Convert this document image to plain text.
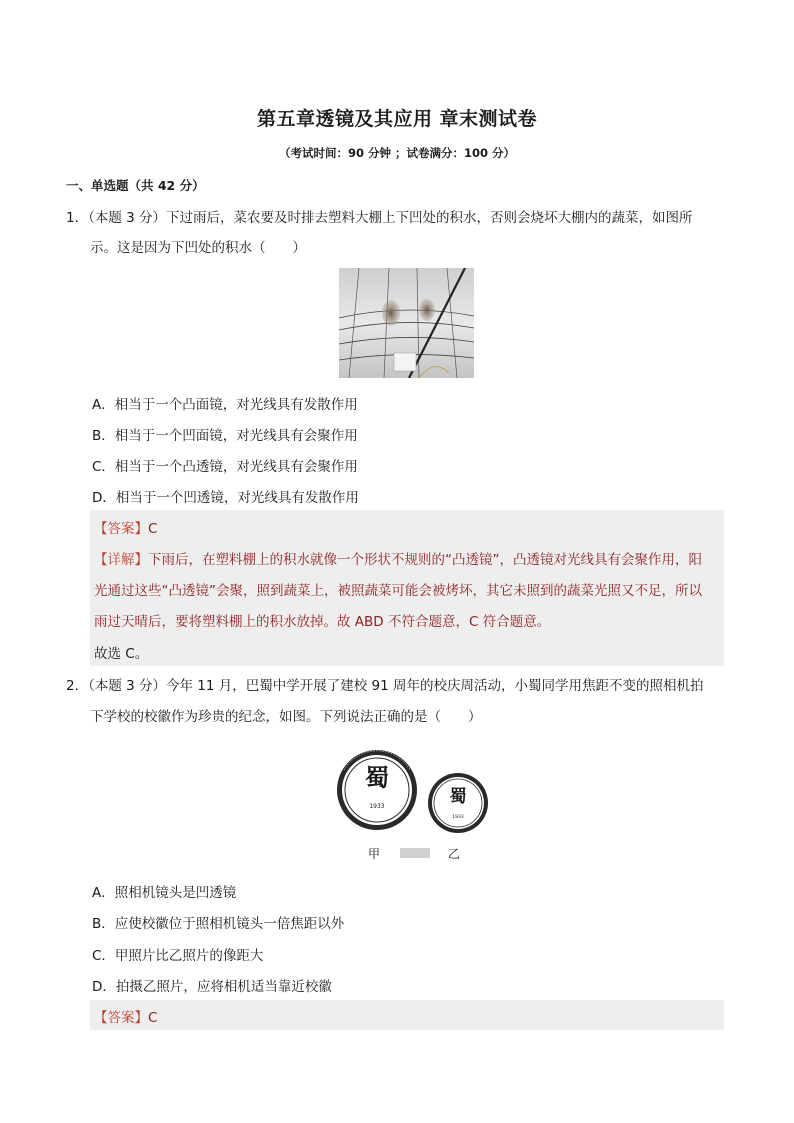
第五章透镜及其应用 章末测试卷
（考试时间：90 分钟 ；试卷满分：100 分）
一、单选题（共 42 分）
1．（本题 3 分）下过雨后，菜农要及时排去塑料大棚上下凹处的积水，否则会烧坏大棚内的蔬菜，如图所
示。这是因为下凹处的积水（　　）
A．相当于一个凸面镜，对光线具有发散作用
B．相当于一个凹面镜，对光线具有会聚作用
C．相当于一个凸透镜，对光线具有会聚作用
D．相当于一个凹透镜，对光线具有发散作用
【答案】C
【详解】下雨后，在塑料棚上的积水就像一个形状不规则的“凸透镜”，凸透镜对光线具有会聚作用，阳
光通过这些“凸透镜”会聚，照到蔬菜上，被照蔬菜可能会被烤坏，其它未照到的蔬菜光照又不足，所以
雨过天晴后，要将塑料棚上的积水放掉。故 ABD 不符合题意，C 符合题意。
故选 C。
2．（本题 3 分）今年 11 月，巴蜀中学开展了建校 91 周年的校庆周活动，小蜀同学用焦距不变的照相机拍
下学校的校徽作为珍贵的纪念，如图。下列说法正确的是（　　）
蜀
1933	蜀
1933
甲	乙
A．照相机镜头是凹透镜
B．应使校徽位于照相机镜头一倍焦距以外
C．甲照片比乙照片的像距大
D．拍摄乙照片，应将相机适当靠近校徽
【答案】C
